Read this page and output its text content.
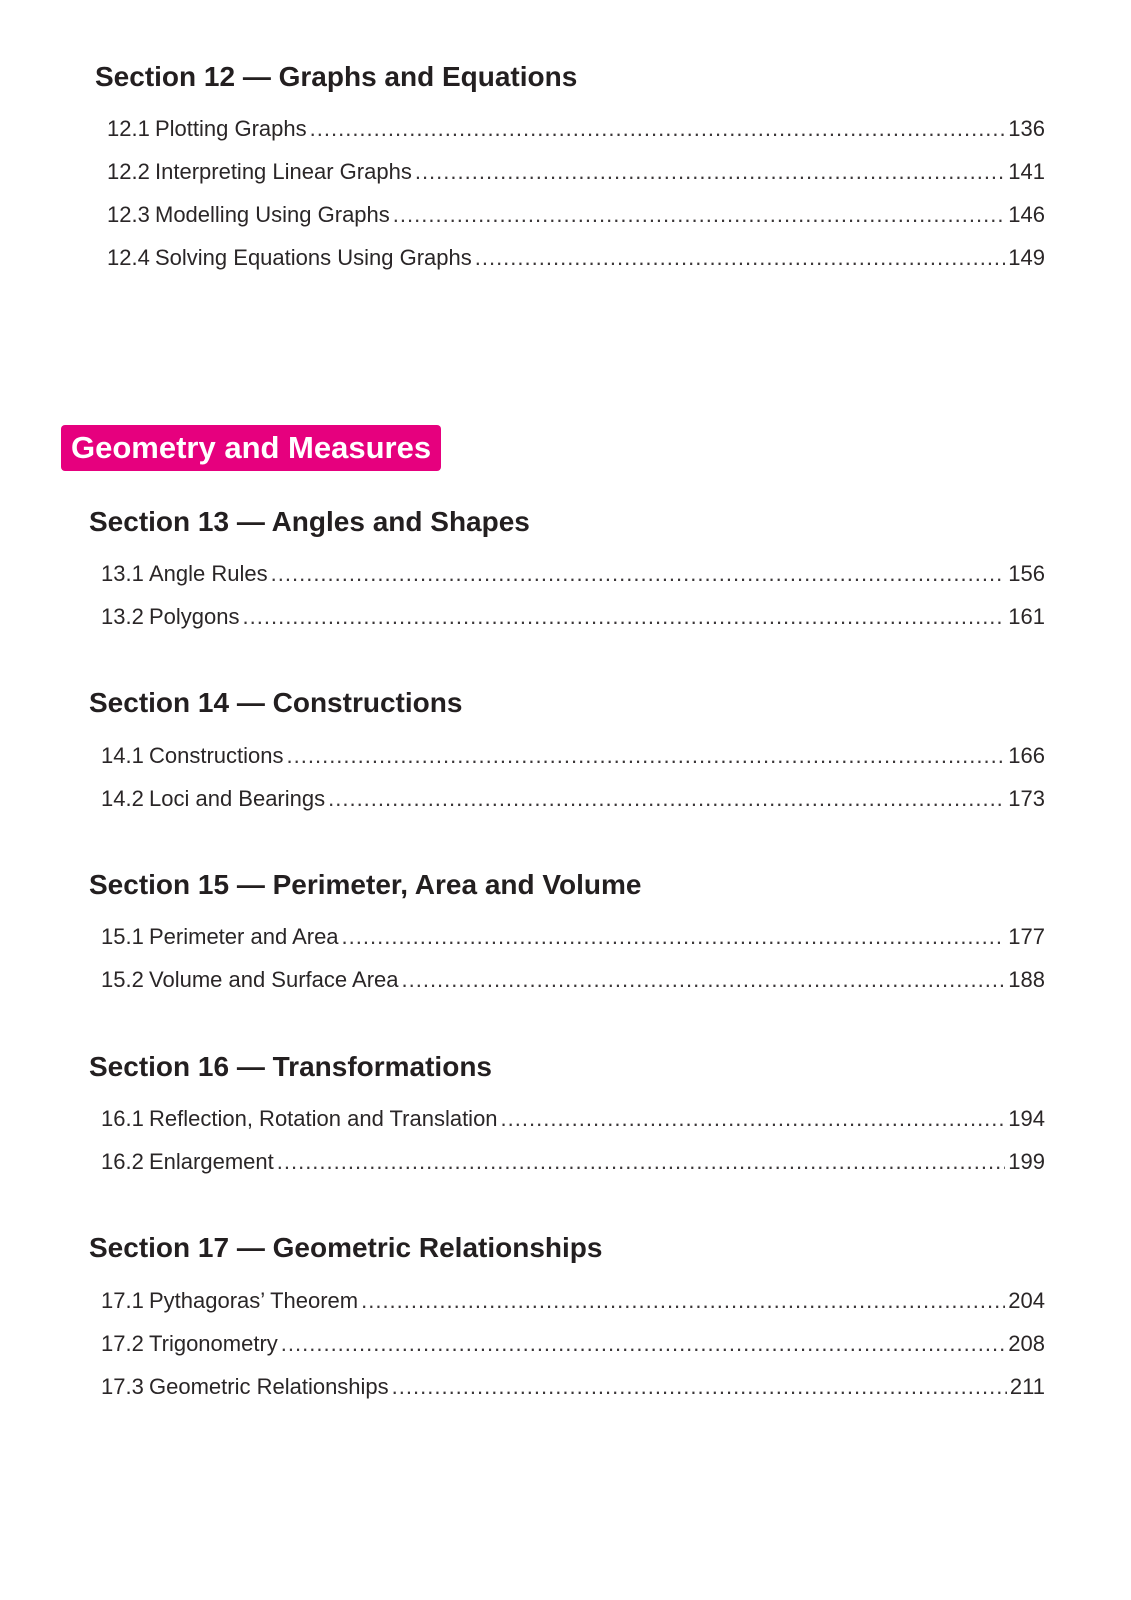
Section 12 — Graphs and Equations
12.1 Plotting Graphs .....	136
12.2 Interpreting Linear Graphs .....	141
12.3 Modelling Using Graphs .....	146
12.4 Solving Equations Using Graphs .....	149
Geometry and Measures
Section 13 — Angles and Shapes
13.1 Angle Rules .....	156
13.2 Polygons .....	161
Section 14 — Constructions
14.1 Constructions .....	166
14.2 Loci and Bearings .....	173
Section 15 — Perimeter, Area and Volume
15.1 Perimeter and Area .....	177
15.2 Volume and Surface Area .....	188
Section 16 — Transformations
16.1 Reflection, Rotation and Translation .....	194
16.2 Enlargement .....	199
Section 17 — Geometric Relationships
17.1 Pythagoras’ Theorem .....	204
17.2 Trigonometry .....	208
17.3 Geometric Relationships .....	211
